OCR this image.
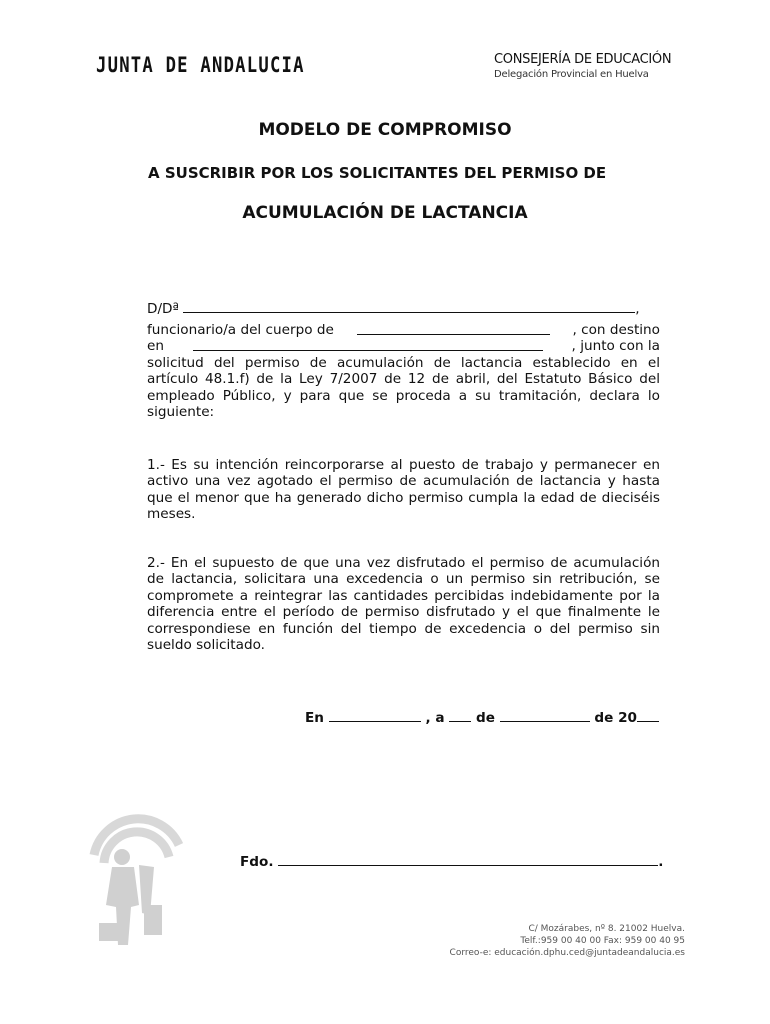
JUNTA DE ANDALUCIA	CONSEJERÍA DE EDUCACIÓN
Delegación Provincial en Huelva
MODELO DE COMPROMISO
A SUSCRIBIR POR LOS SOLICITANTES DEL PERMISO DE
ACUMULACIÓN DE LACTANCIA
D/Dª	,
funcionario/a del cuerpo de	, con destino
en	, junto con la
solicitud del permiso de acumulación de lactancia establecido en el artículo 48.1.f) de la Ley 7/2007 de 12 de abril, del Estatuto Básico del empleado Público, y para que se proceda a su tramitación, declara lo siguiente:
1.- Es su intención reincorporarse al puesto de trabajo y permanecer en activo una vez agotado el permiso de acumulación de lactancia y hasta que el menor que ha generado dicho permiso cumpla la edad de dieciséis meses.
2.- En el supuesto de que una vez disfrutado el permiso de acumulación de lactancia, solicitara una excedencia o un permiso sin retribución, se compromete a reintegrar las cantidades percibidas indebidamente por la diferencia entre el período de permiso disfrutado y el que finalmente le correspondiese en función del tiempo de excedencia o del permiso sin sueldo solicitado.
En	, a de	de 20
Fdo.	.
C/ Mozárabes, nº 8. 21002 Huelva.
Telf.:959 00 40 00 Fax: 959 00 40 95
Correo-e: educación.dphu.ced@juntadeandalucia.es
